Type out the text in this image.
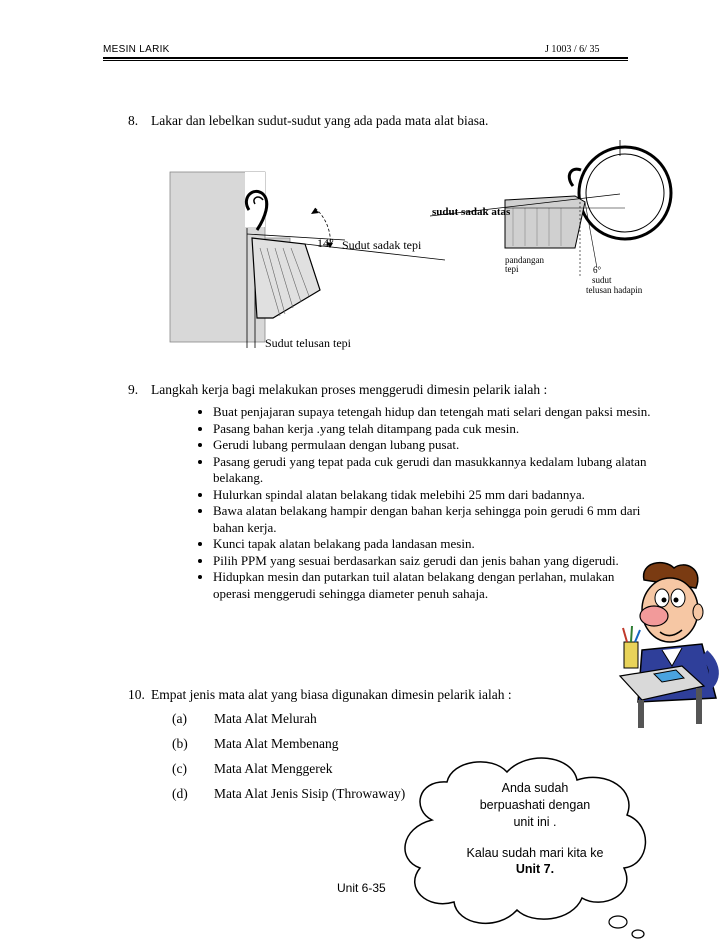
MESIN LARIK	J 1003 / 6/ 35
8. Lakar dan lebelkan sudut-sudut yang ada pada mata alat biasa.
14° Sudut sadak tepi
Sudut telusan tepi
sudut sadak atas
pandangan
tepi	6°
sudut
telusan hadapin
9. Langkah kerja bagi melakukan proses menggerudi dimesin pelarik ialah :
• Buat penjajaran supaya tetengah hidup dan tetengah mati selari dengan paksi mesin.
• Pasang bahan kerja .yang telah ditampang pada cuk mesin.
• Gerudi lubang permulaan dengan lubang pusat.
• Pasang gerudi yang tepat pada cuk gerudi dan masukkannya kedalam lubang alatan belakang.
• Hulurkan spindal alatan belakang tidak melebihi 25 mm dari badannya.
• Bawa alatan belakang hampir dengan bahan kerja sehingga poin gerudi 6 mm dari bahan kerja.
• Kunci tapak alatan belakang pada landasan mesin.
• Pilih PPM yang sesuai berdasarkan saiz gerudi dan jenis bahan yang digerudi.
• Hidupkan mesin dan putarkan tuil alatan belakang dengan perlahan, mulakan operasi menggerudi sehingga diameter penuh sahaja.
10. Empat jenis mata alat yang biasa digunakan dimesin pelarik ialah :
(a) Mata Alat Melurah
(b) Mata Alat Membenang
(c) Mata Alat Menggerek
(d) Mata Alat Jenis Sisip (Throwaway)	Anda sudah
berpuashati dengan
unit ini .
Kalau sudah mari kita ke
Unit 7.
Unit 6-35
